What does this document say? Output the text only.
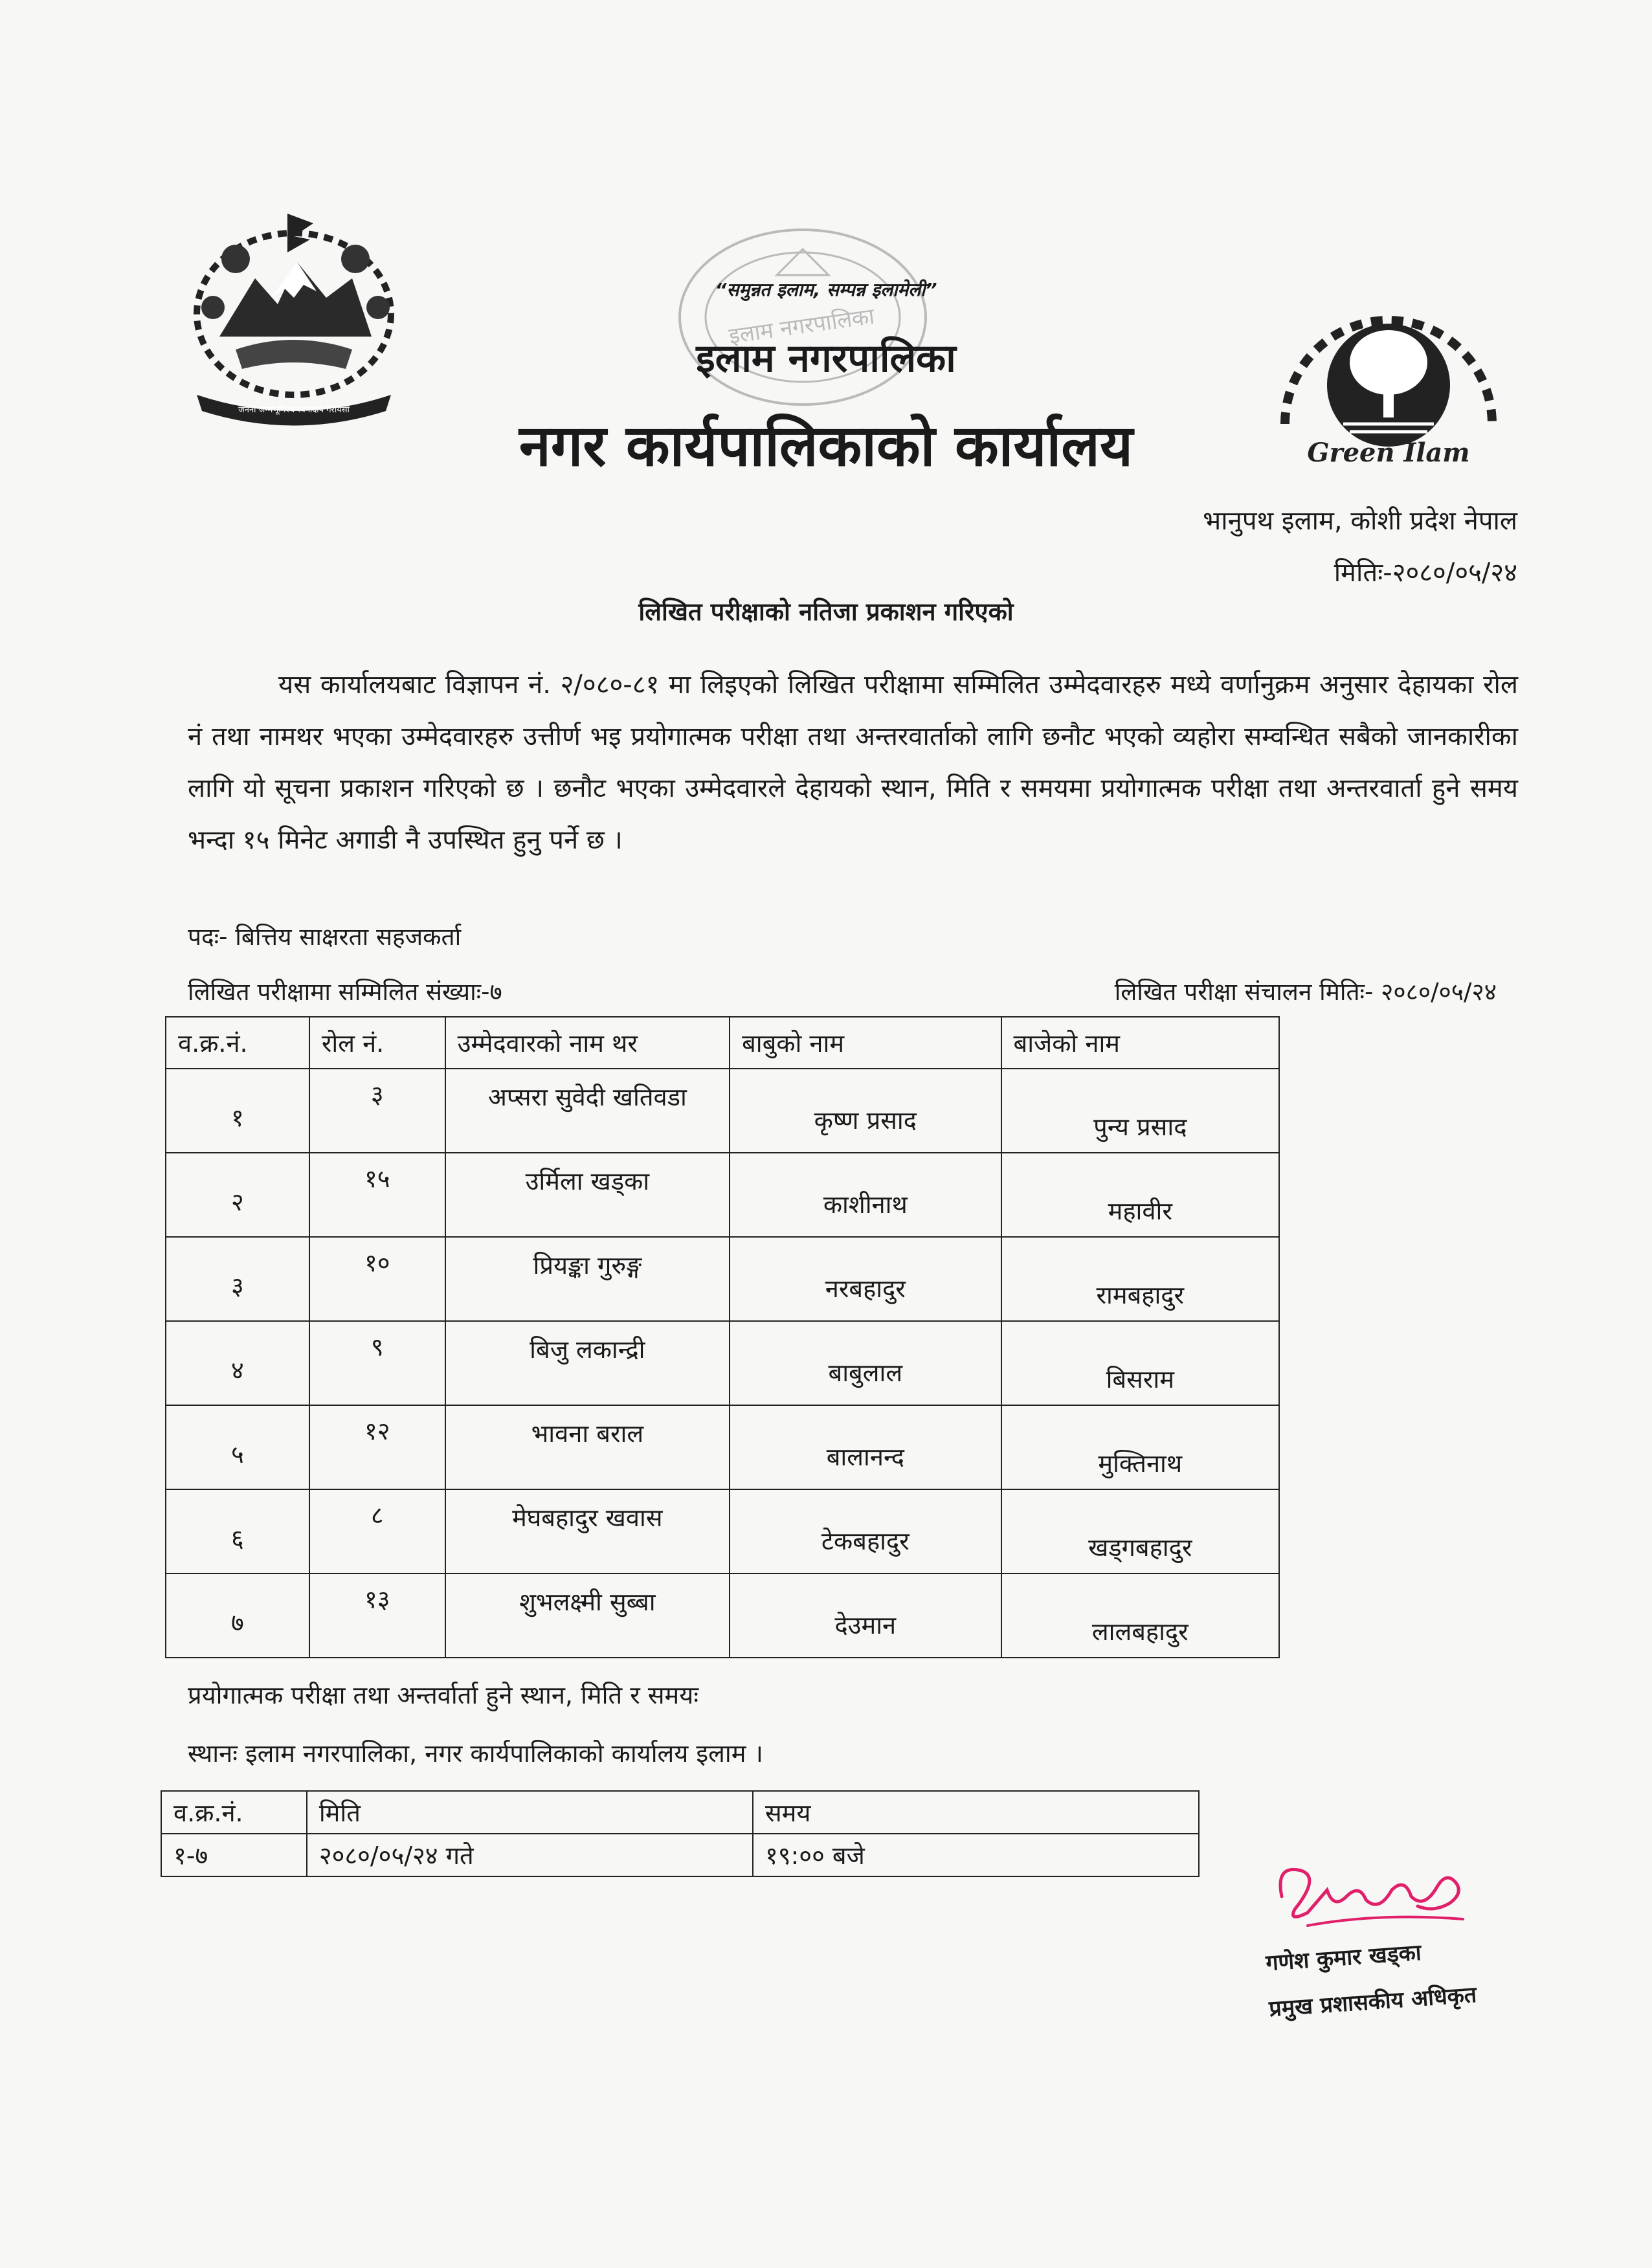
जननी जन्मभूमिश्च स्वर्गादपि गरीयसी
इलाम नगरपालिका
Green Ilam
“समुन्नत इलाम, सम्पन्न इलामेली”
इलाम नगरपालिका
नगर कार्यपालिकाको कार्यालय
भानुपथ इलाम, कोशी प्रदेश नेपाल
मितिः-२०८०/०५/२४
लिखित परीक्षाको नतिजा प्रकाशन गरिएको
यस कार्यालयबाट विज्ञापन नं. २/०८०-८१ मा लिइएको लिखित परीक्षामा सम्मिलित उम्मेदवारहरु मध्ये वर्णानुक्रम अनुसार देहायका रोल नं तथा नामथर भएका उम्मेदवारहरु उत्तीर्ण भइ प्रयोगात्मक परीक्षा तथा अन्तरवार्ताको लागि छनौट भएको व्यहोरा सम्वन्धित सबैको जानकारीका लागि यो सूचना प्रकाशन गरिएको छ । छनौट भएका उम्मेदवारले देहायको स्थान, मिति र समयमा प्रयोगात्मक परीक्षा तथा अन्तरवार्ता हुने समय भन्दा १५ मिनेट अगाडी नै उपस्थित हुनु पर्ने छ ।
पदः- बित्तिय साक्षरता सहजकर्ता
लिखित परीक्षामा सम्मिलित संख्याः-७	लिखित परीक्षा संचालन मितिः- २०८०/०५/२४
व.क्र.नं.	रोल नं.	उम्मेदवारको नाम थर	बाबुको नाम	बाजेको नाम

१	३	अप्सरा सुवेदी खतिवडा	कृष्ण प्रसाद	पुन्य प्रसाद

२	१५	उर्मिला खड्का	काशीनाथ	महावीर

३	१०	प्रियङ्का गुरुङ्ग	नरबहादुर	रामबहादुर

४	९	बिजु लकान्द्री	बाबुलाल	बिसराम

५	१२	भावना बराल	बालानन्द	मुक्तिनाथ

६	८	मेघबहादुर खवास	टेकबहादुर	खड्गबहादुर

७	१३	शुभलक्ष्मी सुब्बा	देउमान	लालबहादुर
प्रयोगात्मक परीक्षा तथा अन्तर्वार्ता हुने स्थान, मिति र समयः
स्थानः इलाम नगरपालिका, नगर कार्यपालिकाको कार्यालय इलाम ।
व.क्र.नं.	मिति	समय
१-७	२०८०/०५/२४ गते	१९:०० बजे
गणेश कुमार खड्का
प्रमुख प्रशासकीय अधिकृत
